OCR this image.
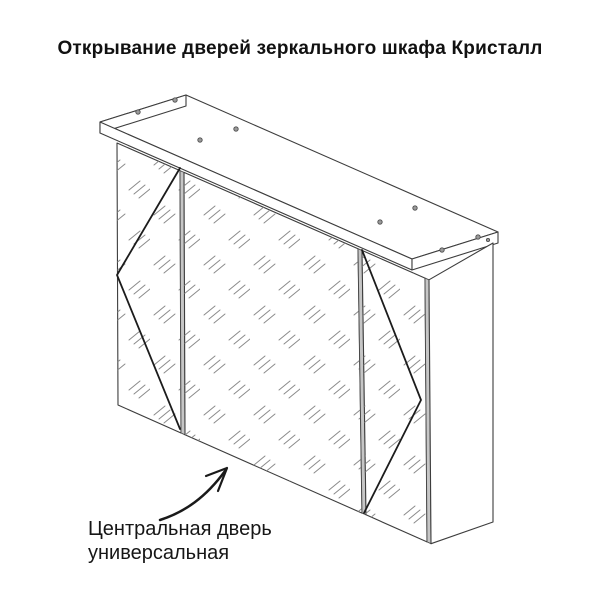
Открывание дверей зеркального шкафа Кристалл
Центральная дверь
универсальная
